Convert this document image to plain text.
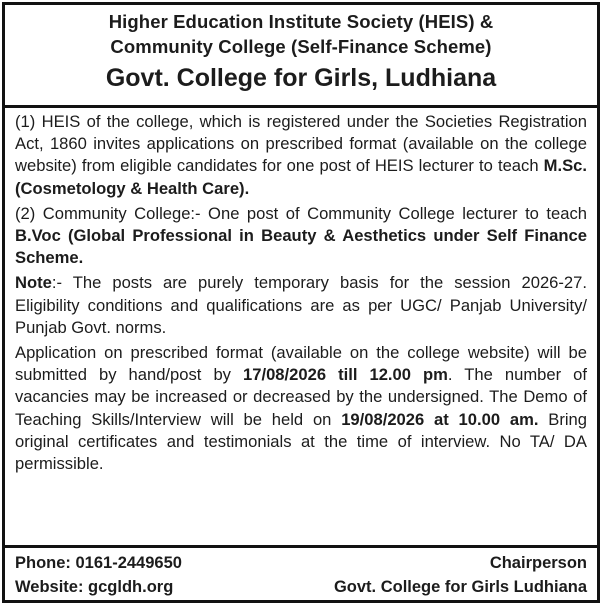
Higher Education Institute Society (HEIS) &
Community College (Self-Finance Scheme)
Govt. College for Girls, Ludhiana

(1) HEIS of the college, which is registered under the Societies Registration Act, 1860 invites applications on prescribed format (available on the college website) from eligible candidates for one post of HEIS lecturer to teach M.Sc. (Cosmetology & Health Care).

(2) Community College:- One post of Community College lecturer to teach B.Voc (Global Professional in Beauty & Aesthetics under Self Finance Scheme.

Note:- The posts are purely temporary basis for the session 2026-27. Eligibility conditions and qualifications are as per UGC/ Panjab University/ Punjab Govt. norms.

Application on prescribed format (available on the college website) will be submitted by hand/post by 17/08/2026 till 12.00 pm. The number of vacancies may be increased or decreased by the undersigned. The Demo of Teaching Skills/Interview will be held on 19/08/2026 at 10.00 am. Bring original certificates and testimonials at the time of interview. No TA/ DA permissible.

Phone: 0161-2449650	Chairperson
Website: gcgldh.org	Govt. College for Girls Ludhiana
